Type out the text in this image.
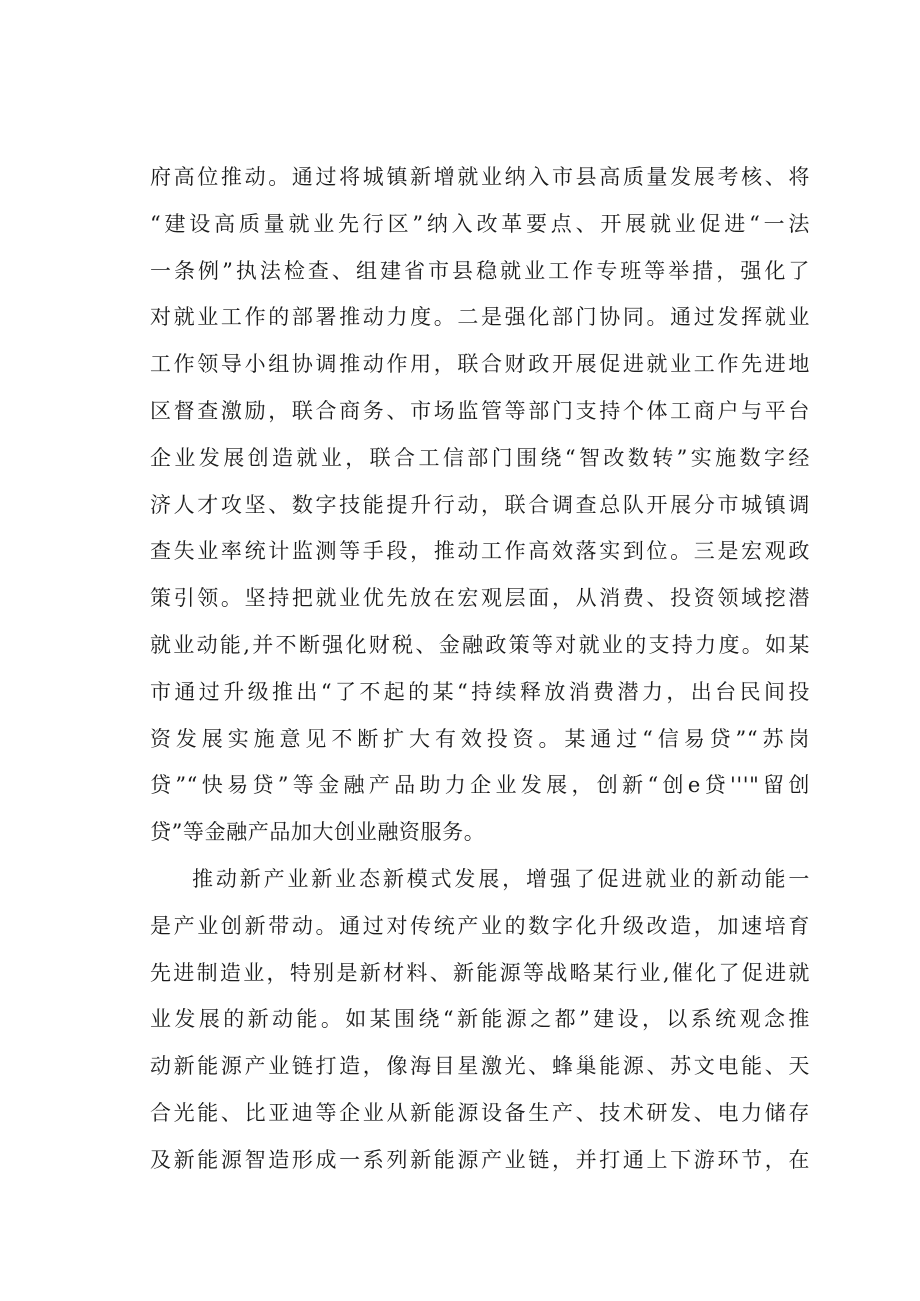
府高位推动。通过将城镇新增就业纳入市县高质量发展考核、将
“建设高质量就业先行区”纳入改革要点、开展就业促进“一法
一条例”执法检查、组建省市县稳就业工作专班等举措，强化了
对就业工作的部署推动力度。二是强化部门协同。通过发挥就业
工作领导小组协调推动作用，联合财政开展促进就业工作先进地
区督查激励，联合商务、市场监管等部门支持个体工商户与平台
企业发展创造就业，联合工信部门围绕“智改数转”实施数字经
济人才攻坚、数字技能提升行动，联合调查总队开展分市城镇调
查失业率统计监测等手段，推动工作高效落实到位。三是宏观政
策引领。坚持把就业优先放在宏观层面，从消费、投资领域挖潜
就业动能,并不断强化财税、金融政策等对就业的支持力度。如某
市通过升级推出“了不起的某“持续释放消费潜力，出台民间投
资发展实施意见不断扩大有效投资。某通过“信易贷”“苏岗
贷”“快易贷”等金融产品助力企业发展，创新“创e贷'''"留创
贷”等金融产品加大创业融资服务。
推动新产业新业态新模式发展，增强了促进就业的新动能一
是产业创新带动。通过对传统产业的数字化升级改造，加速培育
先进制造业，特别是新材料、新能源等战略某行业,催化了促进就
业发展的新动能。如某围绕“新能源之都”建设，以系统观念推
动新能源产业链打造，像海目星激光、蜂巢能源、苏文电能、天
合光能、比亚迪等企业从新能源设备生产、技术研发、电力储存
及新能源智造形成一系列新能源产业链，并打通上下游环节，在
